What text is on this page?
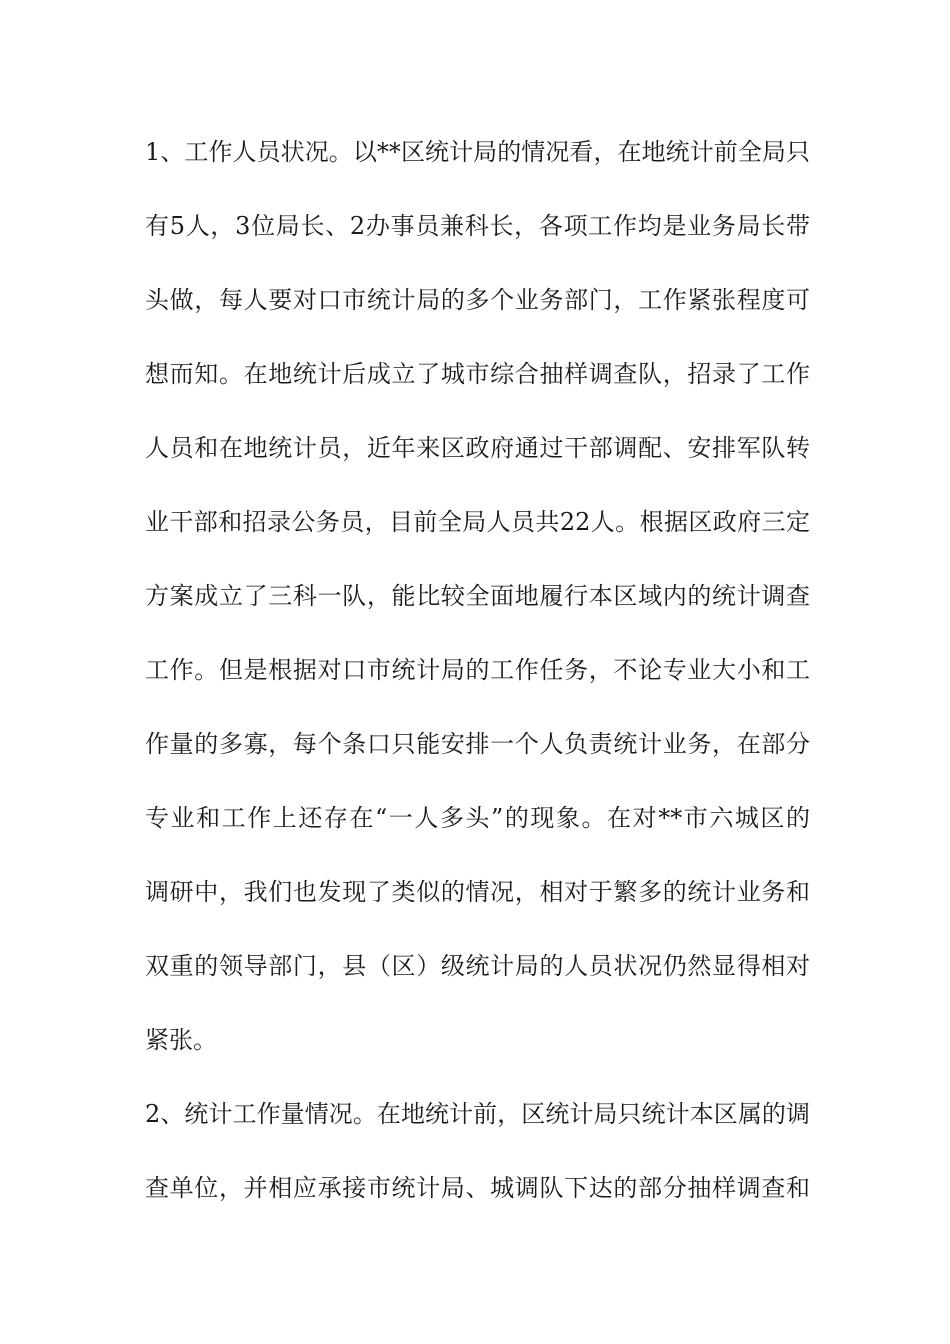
1、工作人员状况。以**区统计局的情况看，在地统计前全局只
有5人，3位局长、2办事员兼科长，各项工作均是业务局长带
头做，每人要对口市统计局的多个业务部门，工作紧张程度可
想而知。在地统计后成立了城市综合抽样调查队，招录了工作
人员和在地统计员，近年来区政府通过干部调配、安排军队转
业干部和招录公务员，目前全局人员共22人。根据区政府三定
方案成立了三科一队，能比较全面地履行本区域内的统计调查
工作。但是根据对口市统计局的工作任务，不论专业大小和工
作量的多寡，每个条口只能安排一个人负责统计业务，在部分
专业和工作上还存在“一人多头”的现象。在对**市六城区的
调研中，我们也发现了类似的情况，相对于繁多的统计业务和
双重的领导部门，县（区）级统计局的人员状况仍然显得相对
紧张。
2、统计工作量情况。在地统计前，区统计局只统计本区属的调
查单位，并相应承接市统计局、城调队下达的部分抽样调查和
